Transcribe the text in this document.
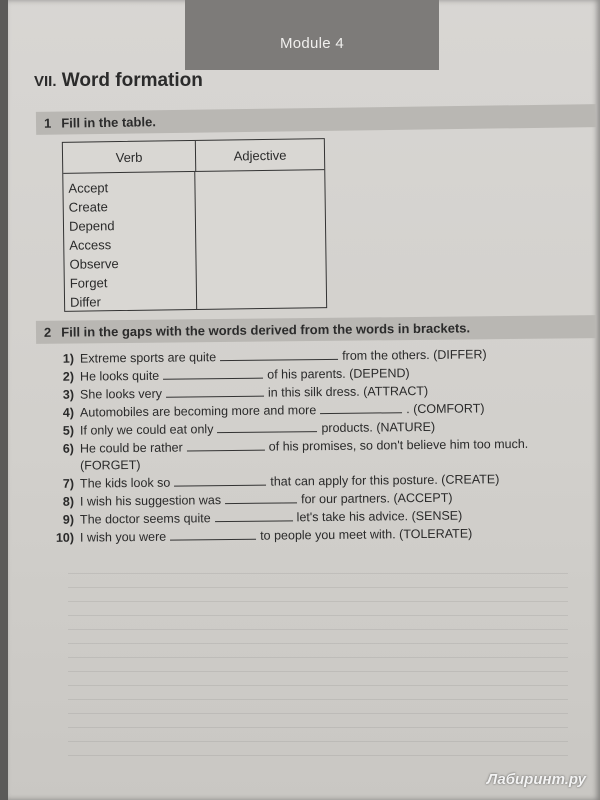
Module 4
VII. Word formation
1 Fill in the table.
Verb	Adjective
Accept
Create
Depend
Access
Observe
Forget
Differ
2 Fill in the gaps with the words derived from the words in brackets.
1) Extreme sports are quite	from the others. (DIFFER)
2) He looks quite	of his parents. (DEPEND)
3) She looks very	in this silk dress. (ATTRACT)
4) Automobiles are becoming more and more	. (COMFORT)
5) If only we could eat only	products. (NATURE)
6) He could be rather	of his promises, so don't believe him too much.
(FORGET)
7) The kids look so	that can apply for this posture. (CREATE)
8) I wish his suggestion was	for our partners. (ACCEPT)
9) The doctor seems quite	let's take his advice. (SENSE)
10) I wish you were	to people you meet with. (TOLERATE)
Лабиринт.ру
